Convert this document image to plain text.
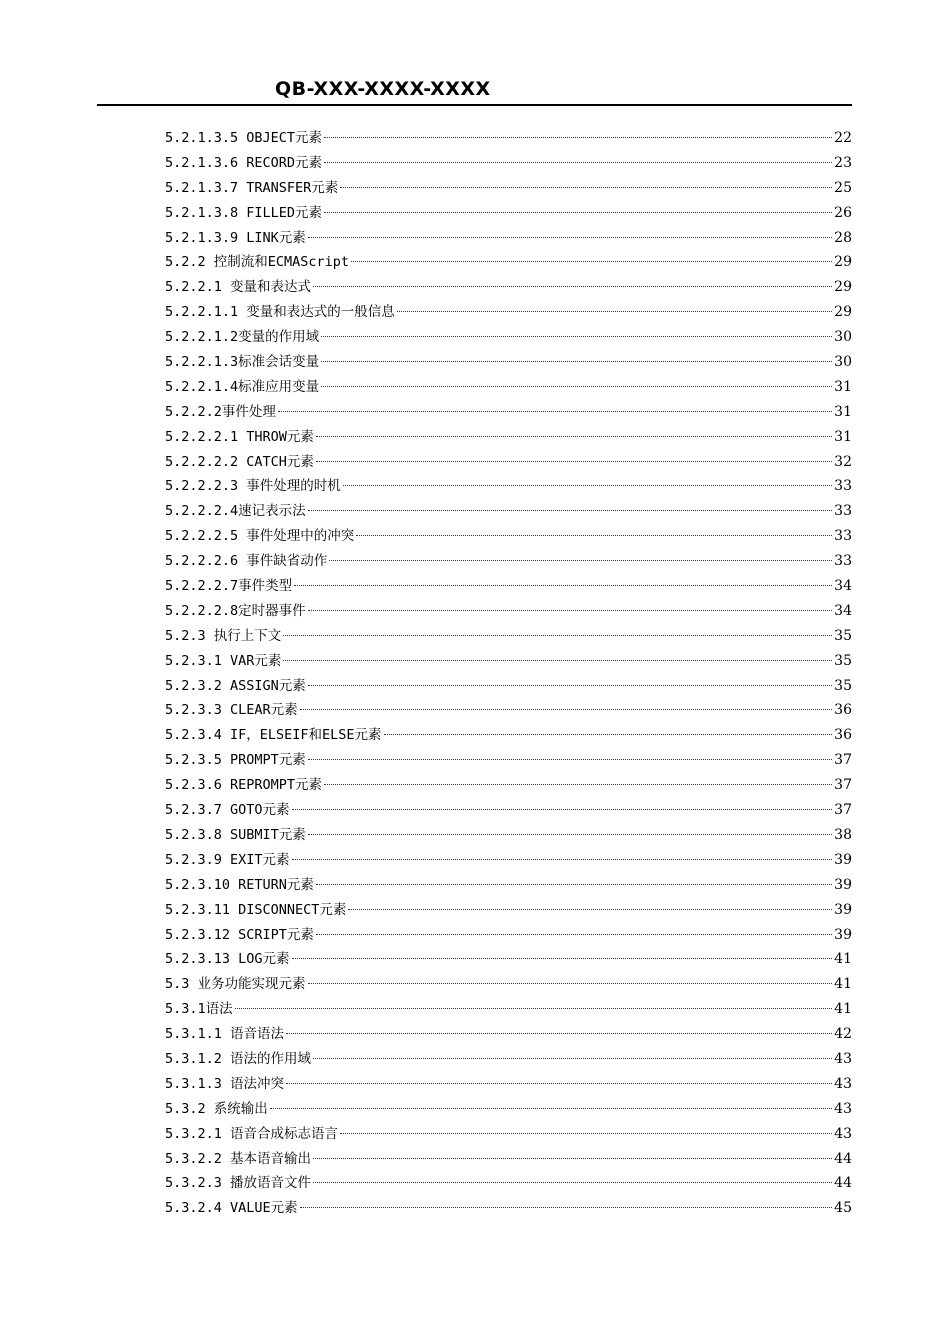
QB-XXX-XXXX-XXXX
5.2.1.3.5 OBJECT元素	22
5.2.1.3.6 RECORD元素	23
5.2.1.3.7 TRANSFER元素	25
5.2.1.3.8 FILLED元素	26
5.2.1.3.9 LINK元素	28
5.2.2 控制流和ECMAScript	29
5.2.2.1 变量和表达式	29
5.2.2.1.1 变量和表达式的一般信息	29
5.2.2.1.2变量的作用域	30
5.2.2.1.3标准会话变量	30
5.2.2.1.4标准应用变量	31
5.2.2.2事件处理	31
5.2.2.2.1 THROW元素	31
5.2.2.2.2 CATCH元素	32
5.2.2.2.3 事件处理的时机	33
5.2.2.2.4速记表示法	33
5.2.2.2.5 事件处理中的冲突	33
5.2.2.2.6 事件缺省动作	33
5.2.2.2.7事件类型	34
5.2.2.2.8定时器事件	34
5.2.3 执行上下文	35
5.2.3.1 VAR元素	35
5.2.3.2 ASSIGN元素	35
5.2.3.3 CLEAR元素	36
5.2.3.4 IF，ELSEIF和ELSE元素	36
5.2.3.5 PROMPT元素	37
5.2.3.6 REPROMPT元素	37
5.2.3.7 GOTO元素	37
5.2.3.8 SUBMIT元素	38
5.2.3.9 EXIT元素	39
5.2.3.10 RETURN元素	39
5.2.3.11 DISCONNECT元素	39
5.2.3.12 SCRIPT元素	39
5.2.3.13 LOG元素	41
5.3 业务功能实现元素	41
5.3.1语法	41
5.3.1.1 语音语法	42
5.3.1.2 语法的作用域	43
5.3.1.3 语法冲突	43
5.3.2 系统输出	43
5.3.2.1 语音合成标志语言	43
5.3.2.2 基本语音输出	44
5.3.2.3 播放语音文件	44
5.3.2.4 VALUE元素	45
